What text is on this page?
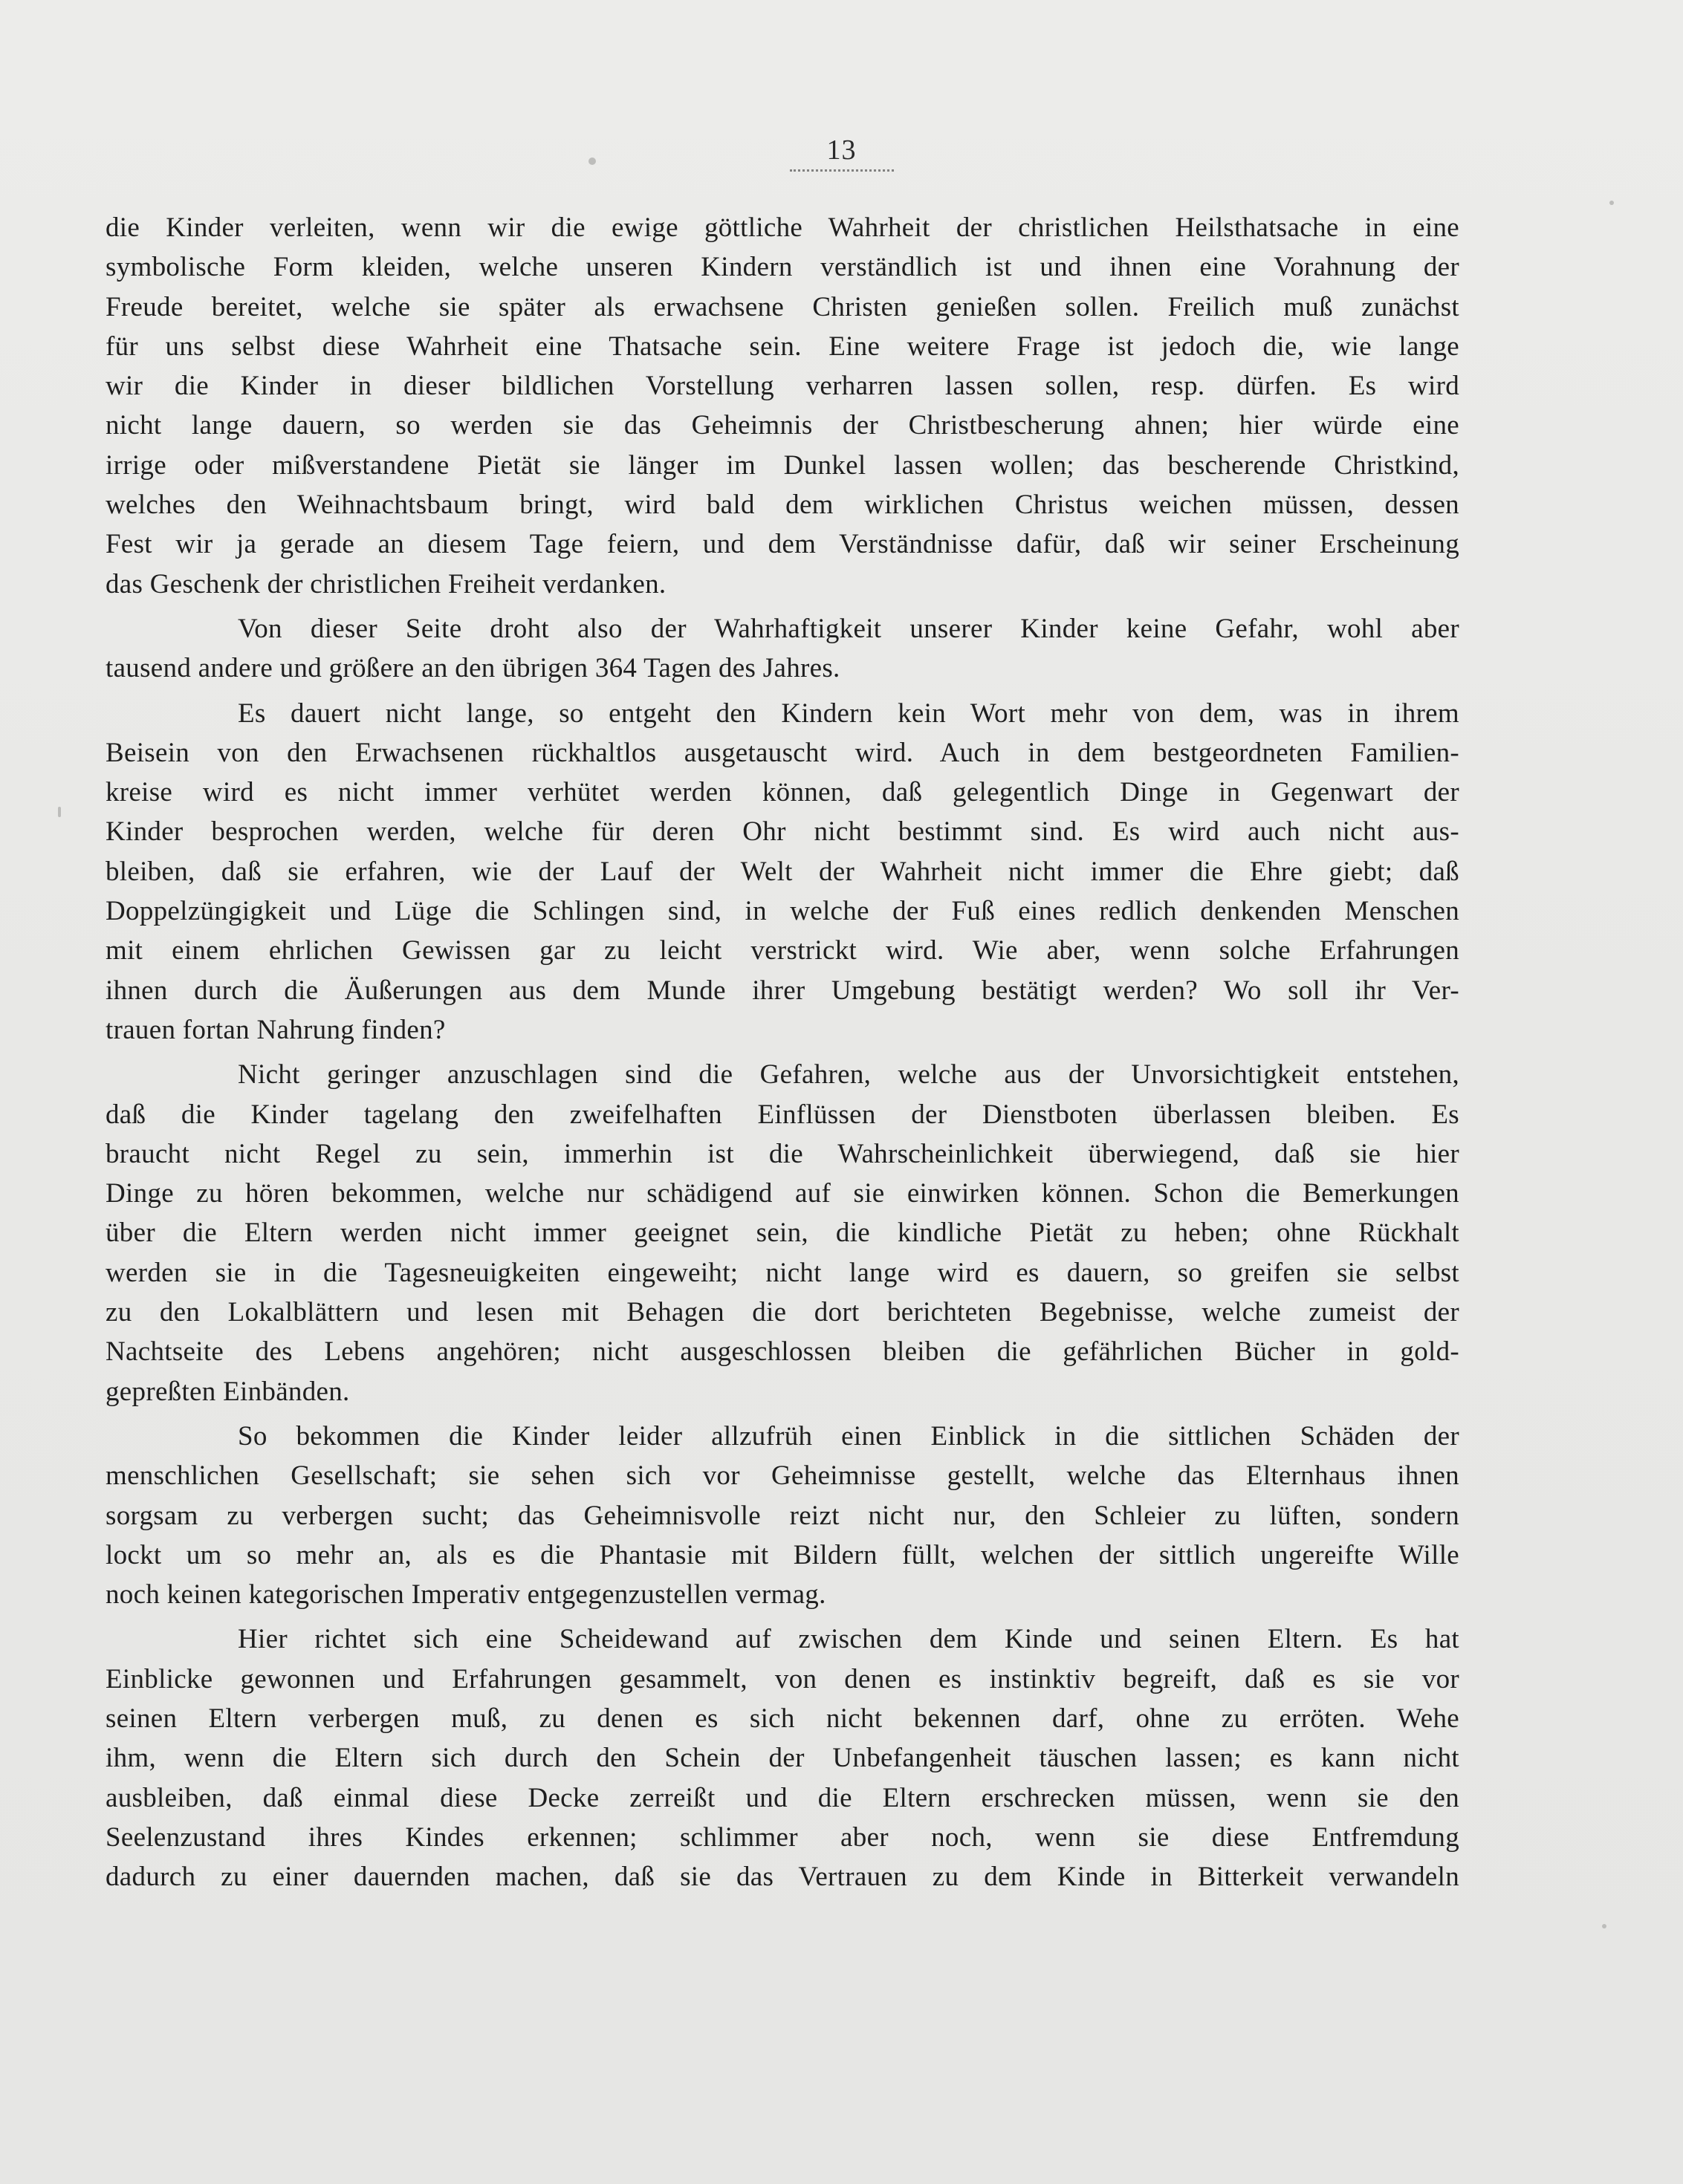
13
die Kinder verleiten, wenn wir die ewige göttliche Wahrheit der christlichen Heilsthatsache in eine
symbolische Form kleiden, welche unseren Kindern verständlich ist und ihnen eine Vorahnung der
Freude bereitet, welche sie später als erwachsene Christen genießen sollen. Freilich muß zunächst
für uns selbst diese Wahrheit eine Thatsache sein. Eine weitere Frage ist jedoch die, wie lange
wir die Kinder in dieser bildlichen Vorstellung verharren lassen sollen, resp. dürfen. Es wird
nicht lange dauern, so werden sie das Geheimnis der Christbescherung ahnen; hier würde eine
irrige oder mißverstandene Pietät sie länger im Dunkel lassen wollen; das bescherende Christkind,
welches den Weihnachtsbaum bringt, wird bald dem wirklichen Christus weichen müssen, dessen
Fest wir ja gerade an diesem Tage feiern, und dem Verständnisse dafür, daß wir seiner Erscheinung
das Geschenk der christlichen Freiheit verdanken.
Von dieser Seite droht also der Wahrhaftigkeit unserer Kinder keine Gefahr, wohl aber
tausend andere und größere an den übrigen 364 Tagen des Jahres.
Es dauert nicht lange, so entgeht den Kindern kein Wort mehr von dem, was in ihrem
Beisein von den Erwachsenen rückhaltlos ausgetauscht wird. Auch in dem bestgeordneten Familien-
kreise wird es nicht immer verhütet werden können, daß gelegentlich Dinge in Gegenwart der
Kinder besprochen werden, welche für deren Ohr nicht bestimmt sind. Es wird auch nicht aus-
bleiben, daß sie erfahren, wie der Lauf der Welt der Wahrheit nicht immer die Ehre giebt; daß
Doppelzüngigkeit und Lüge die Schlingen sind, in welche der Fuß eines redlich denkenden Menschen
mit einem ehrlichen Gewissen gar zu leicht verstrickt wird. Wie aber, wenn solche Erfahrungen
ihnen durch die Äußerungen aus dem Munde ihrer Umgebung bestätigt werden? Wo soll ihr Ver-
trauen fortan Nahrung finden?
Nicht geringer anzuschlagen sind die Gefahren, welche aus der Unvorsichtigkeit entstehen,
daß die Kinder tagelang den zweifelhaften Einflüssen der Dienstboten überlassen bleiben. Es
braucht nicht Regel zu sein, immerhin ist die Wahrscheinlichkeit überwiegend, daß sie hier
Dinge zu hören bekommen, welche nur schädigend auf sie einwirken können. Schon die Bemerkungen
über die Eltern werden nicht immer geeignet sein, die kindliche Pietät zu heben; ohne Rückhalt
werden sie in die Tagesneuigkeiten eingeweiht; nicht lange wird es dauern, so greifen sie selbst
zu den Lokalblättern und lesen mit Behagen die dort berichteten Begebnisse, welche zumeist der
Nachtseite des Lebens angehören; nicht ausgeschlossen bleiben die gefährlichen Bücher in gold-
gepreßten Einbänden.
So bekommen die Kinder leider allzufrüh einen Einblick in die sittlichen Schäden der
menschlichen Gesellschaft; sie sehen sich vor Geheimnisse gestellt, welche das Elternhaus ihnen
sorgsam zu verbergen sucht; das Geheimnisvolle reizt nicht nur, den Schleier zu lüften, sondern
lockt um so mehr an, als es die Phantasie mit Bildern füllt, welchen der sittlich ungereifte Wille
noch keinen kategorischen Imperativ entgegenzustellen vermag.
Hier richtet sich eine Scheidewand auf zwischen dem Kinde und seinen Eltern. Es hat
Einblicke gewonnen und Erfahrungen gesammelt, von denen es instinktiv begreift, daß es sie vor
seinen Eltern verbergen muß, zu denen es sich nicht bekennen darf, ohne zu erröten. Wehe
ihm, wenn die Eltern sich durch den Schein der Unbefangenheit täuschen lassen; es kann nicht
ausbleiben, daß einmal diese Decke zerreißt und die Eltern erschrecken müssen, wenn sie den
Seelenzustand ihres Kindes erkennen; schlimmer aber noch, wenn sie diese Entfremdung
dadurch zu einer dauernden machen, daß sie das Vertrauen zu dem Kinde in Bitterkeit verwandeln
